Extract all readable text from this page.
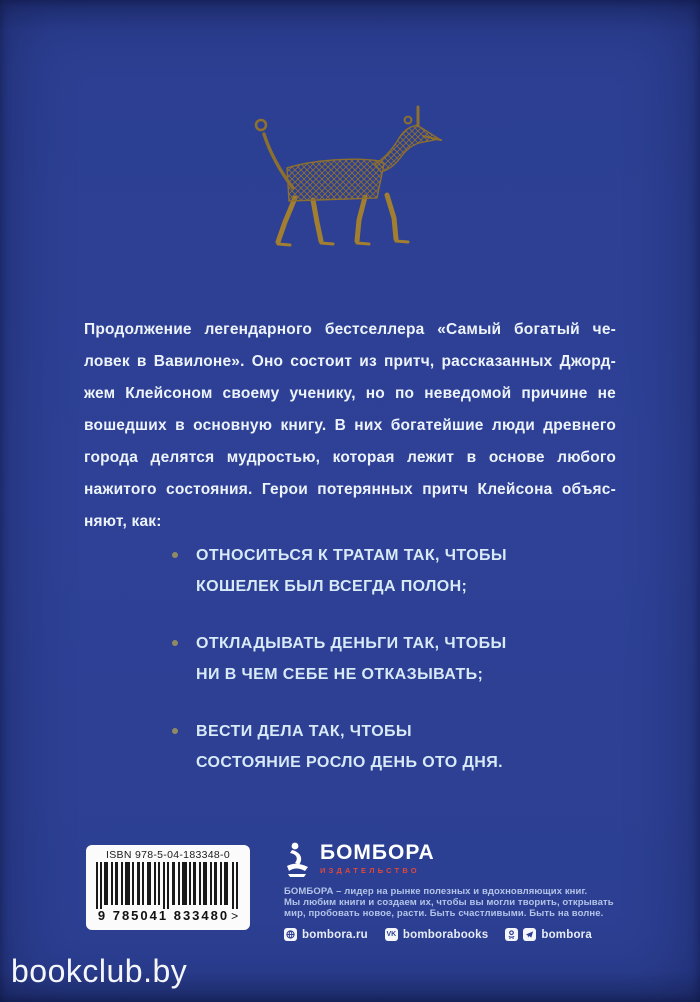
Продолжение легендарного бестселлера «Самый богатый че-
ловек в Вавилоне». Оно состоит из притч, рассказанных Джорд-
жем Клейсоном своему ученику, но по неведомой причине не
вошедших в основную книгу. В них богатейшие люди древнего
города делятся мудростью, которая лежит в основе любого
нажитого состояния. Герои потерянных притч Клейсона объяс-
няют, как:
ОТНОСИТЬСЯ К ТРАТАМ ТАК, ЧТОБЫ
КОШЕЛЕК БЫЛ ВСЕГДА ПОЛОН;
ОТКЛАДЫВАТЬ ДЕНЬГИ ТАК, ЧТОБЫ
НИ В ЧЕМ СЕБЕ НЕ ОТКАЗЫВАТЬ;
ВЕСТИ ДЕЛА ТАК, ЧТОБЫ
СОСТОЯНИЕ РОСЛО ДЕНЬ ОТО ДНЯ.
ISBN 978-5-04-183348-0
9 785041 833480 >
БОМБОРА
ИЗДАТЕЛЬСТВО
БОМБОРА – лидер на рынке полезных и вдохновляющих книг.
Мы любим книги и создаем их, чтобы вы могли творить, открывать
мир, пробовать новое, расти. Быть счастливыми. Быть на волне.
bombora.ru	VK bomborabooks	bombora
bookclub.by
